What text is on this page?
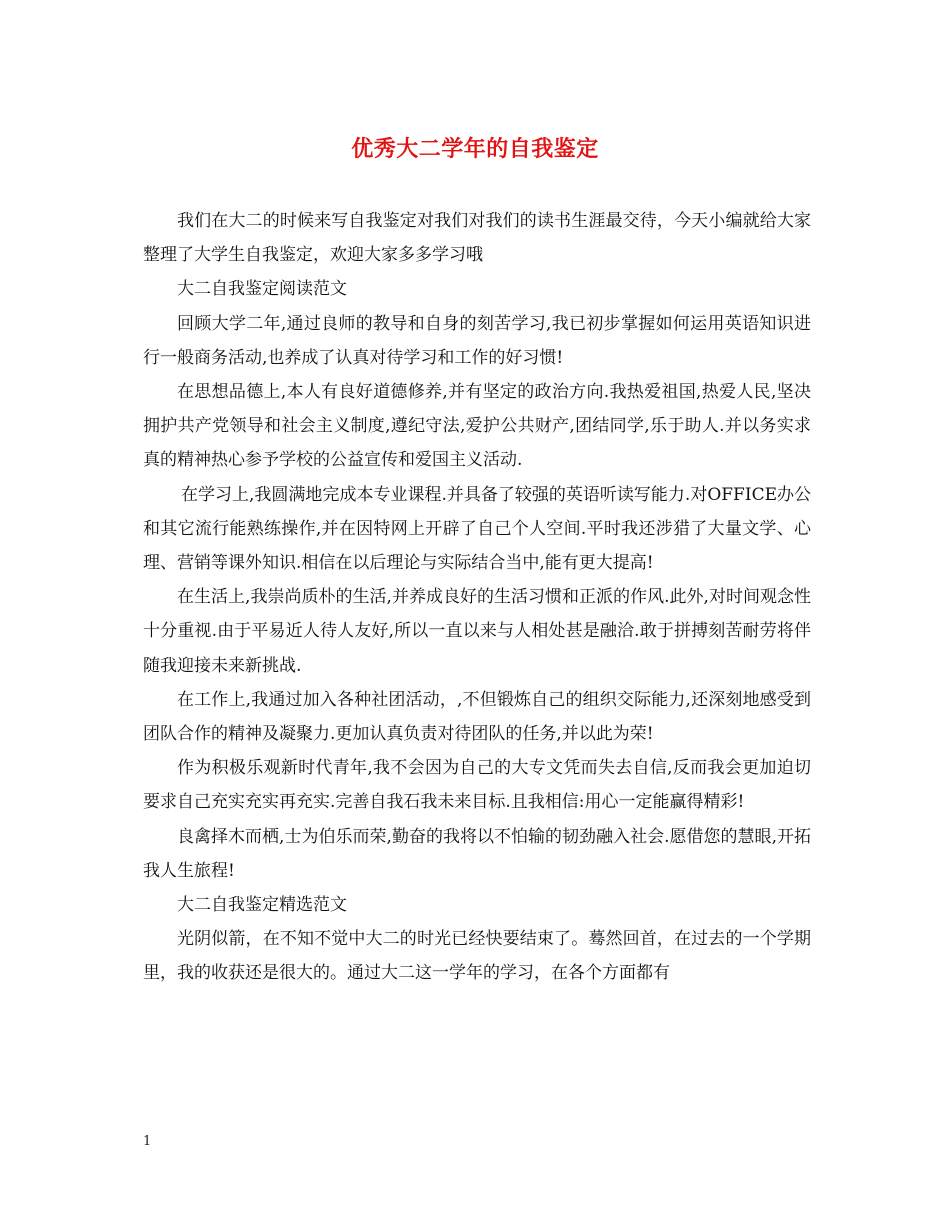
优秀大二学年的自我鉴定

我们在大二的时候来写自我鉴定对我们对我们的读书生涯最交待，今天小编就给大家整理了大学生自我鉴定，欢迎大家多多学习哦

大二自我鉴定阅读范文

回顾大学二年,通过良师的教导和自身的刻苦学习,我已初步掌握如何运用英语知识进行一般商务活动,也养成了认真对待学习和工作的好习惯!

在思想品德上,本人有良好道德修养,并有坚定的政治方向.我热爱祖国,热爱人民,坚决拥护共产党领导和社会主义制度,遵纪守法,爱护公共财产,团结同学,乐于助人.并以务实求真的精神热心参予学校的公益宣传和爱国主义活动.

在学习上,我圆满地完成本专业课程.并具备了较强的英语听读写能力.对OFFICE办公和其它流行能熟练操作,并在因特网上开辟了自己个人空间.平时我还涉猎了大量文学、心理、营销等课外知识.相信在以后理论与实际结合当中,能有更大提高!

在生活上,我崇尚质朴的生活,并养成良好的生活习惯和正派的作风.此外,对时间观念性十分重视.由于平易近人待人友好,所以一直以来与人相处甚是融洽.敢于拼搏刻苦耐劳将伴随我迎接未来新挑战.

在工作上,我通过加入各种社团活动，,不但锻炼自己的组织交际能力,还深刻地感受到团队合作的精神及凝聚力.更加认真负责对待团队的任务,并以此为荣!

作为积极乐观新时代青年,我不会因为自己的大专文凭而失去自信,反而我会更加迫切要求自己充实充实再充实.完善自我石我未来目标.且我相信:用心一定能赢得精彩!

良禽择木而栖,士为伯乐而荣,勤奋的我将以不怕输的韧劲融入社会.愿借您的慧眼,开拓我人生旅程!

大二自我鉴定精选范文

光阴似箭，在不知不觉中大二的时光已经快要结束了。蓦然回首，在过去的一个学期里，我的收获还是很大的。通过大二这一学年的学习，在各个方面都有

1
